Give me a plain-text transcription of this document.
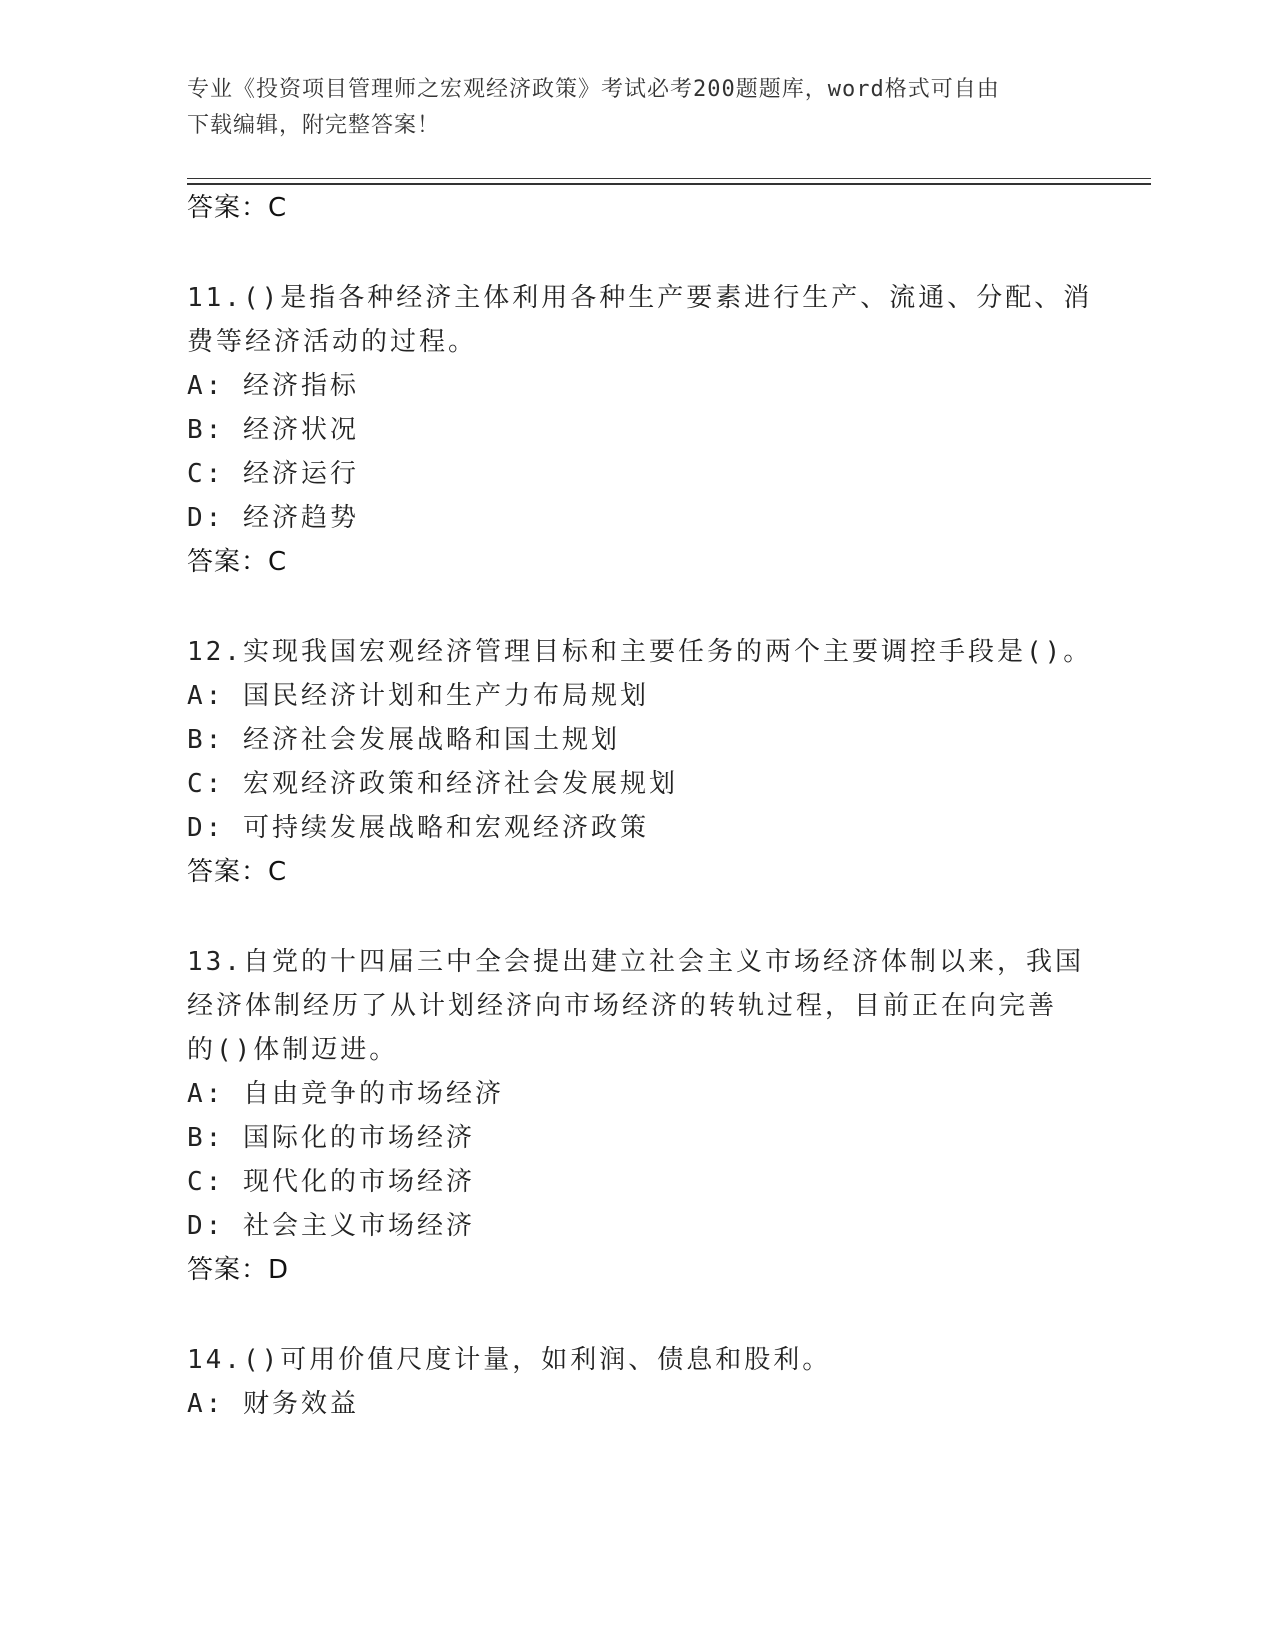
专业《投资项目管理师之宏观经济政策》考试必考200题题库，word格式可自由
下载编辑，附完整答案！
答案：C
11.()是指各种经济主体利用各种生产要素进行生产、流通、分配、消
费等经济活动的过程。
A: 经济指标
B: 经济状况
C: 经济运行
D: 经济趋势
答案：C
12.实现我国宏观经济管理目标和主要任务的两个主要调控手段是()。
A: 国民经济计划和生产力布局规划
B: 经济社会发展战略和国土规划
C: 宏观经济政策和经济社会发展规划
D: 可持续发展战略和宏观经济政策
答案：C
13.自党的十四届三中全会提出建立社会主义市场经济体制以来，我国
经济体制经历了从计划经济向市场经济的转轨过程，目前正在向完善
的()体制迈进。
A: 自由竞争的市场经济
B: 国际化的市场经济
C: 现代化的市场经济
D: 社会主义市场经济
答案：D
14.()可用价值尺度计量，如利润、债息和股利。
A: 财务效益
